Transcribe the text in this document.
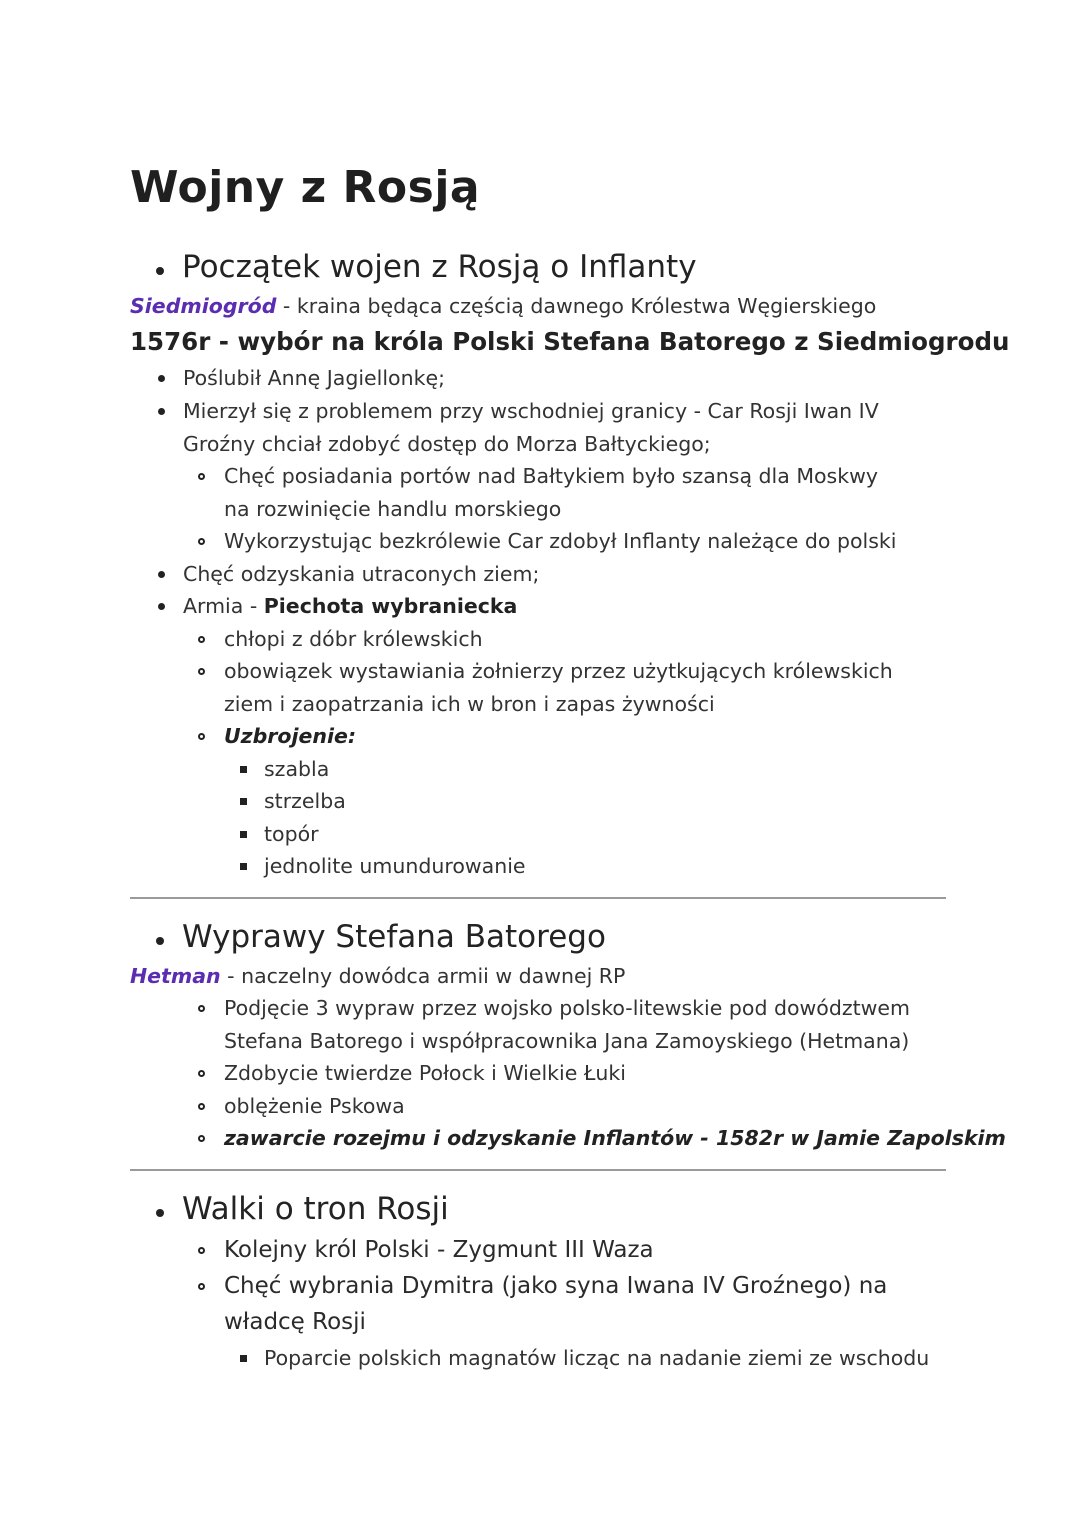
Wojny z Rosją
Początek wojen z Rosją o Inflanty
Siedmiogród - kraina będąca częścią dawnego Królestwa Węgierskiego
1576r - wybór na króla Polski Stefana Batorego z Siedmiogrodu
Poślubił Annę Jagiellonkę;
Mierzył się z problemem przy wschodniej granicy - Car Rosji Iwan IV Groźny chciał zdobyć dostęp do Morza Bałtyckiego;
Chęć posiadania portów nad Bałtykiem było szansą dla Moskwy na rozwinięcie handlu morskiego
Wykorzystując bezkrólewie Car zdobył Inflanty należące do polski
Chęć odzyskania utraconych ziem;
Armia - Piechota wybraniecka
chłopi z dóbr królewskich
obowiązek wystawiania żołnierzy przez użytkujących królewskich ziem i zaopatrzania ich w bron i zapas żywności
Uzbrojenie:
szabla
strzelba
topór
jednolite umundurowanie
Wyprawy Stefana Batorego
Hetman - naczelny dowódca armii w dawnej RP
Podjęcie 3 wypraw przez wojsko polsko-litewskie pod dowództwem Stefana Batorego i współpracownika Jana Zamoyskiego (Hetmana)
Zdobycie twierdze Połock i Wielkie Łuki
oblężenie Pskowa
zawarcie rozejmu i odzyskanie Inflantów - 1582r w Jamie Zapolskim
Walki o tron Rosji
Kolejny król Polski - Zygmunt III Waza
Chęć wybrania Dymitra (jako syna Iwana IV Groźnego) na władcę Rosji
Poparcie polskich magnatów licząc na nadanie ziemi ze wschodu
